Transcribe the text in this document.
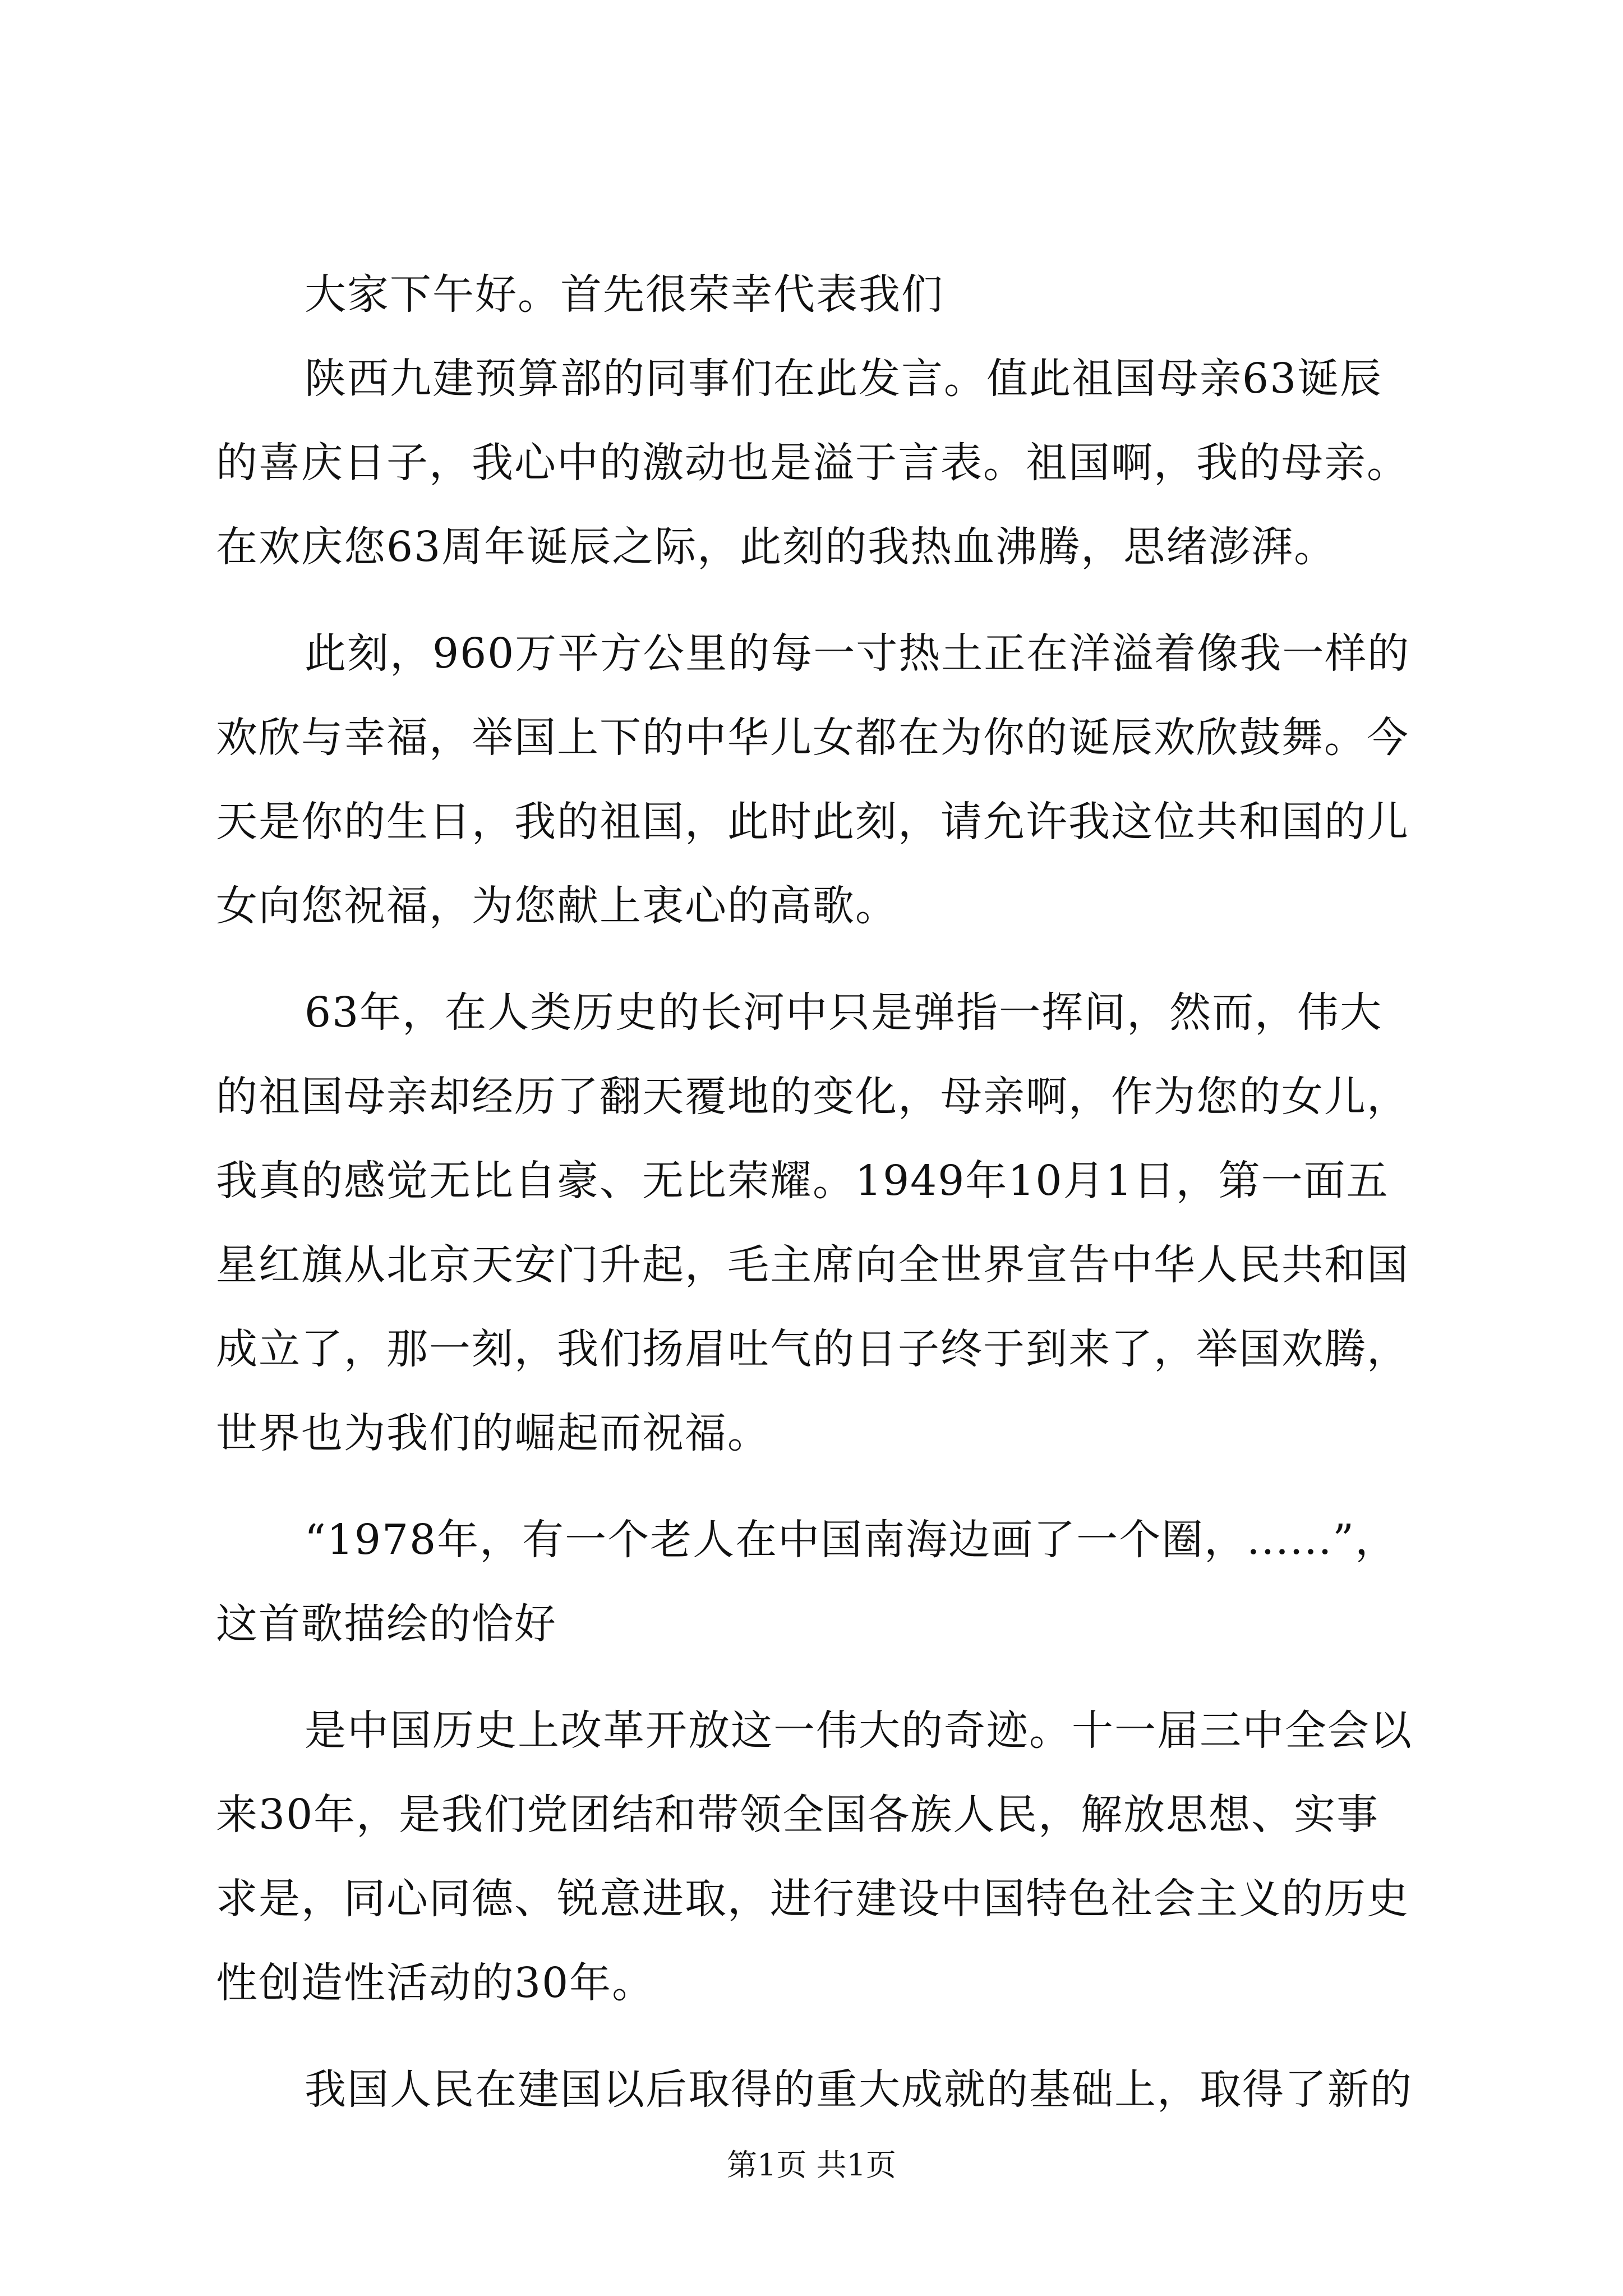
大家下午好。首先很荣幸代表我们
陕西九建预算部的同事们在此发言。值此祖国母亲63诞辰
的喜庆日子，我心中的激动也是溢于言表。祖国啊，我的母亲。
在欢庆您63周年诞辰之际，此刻的我热血沸腾，思绪澎湃。
此刻，960万平方公里的每一寸热土正在洋溢着像我一样的
欢欣与幸福，举国上下的中华儿女都在为你的诞辰欢欣鼓舞。今
天是你的生日，我的祖国，此时此刻，请允许我这位共和国的儿
女向您祝福，为您献上衷心的高歌。
63年，在人类历史的长河中只是弹指一挥间，然而，伟大
的祖国母亲却经历了翻天覆地的变化，母亲啊，作为您的女儿，
我真的感觉无比自豪、无比荣耀。1949年10月1日，第一面五
星红旗从北京天安门升起，毛主席向全世界宣告中华人民共和国
成立了，那一刻，我们扬眉吐气的日子终于到来了，举国欢腾，
世界也为我们的崛起而祝福。
“1978年，有一个老人在中国南海边画了一个圈，......”，
这首歌描绘的恰好
是中国历史上改革开放这一伟大的奇迹。十一届三中全会以
来30年，是我们党团结和带领全国各族人民，解放思想、实事
求是，同心同德、锐意进取，进行建设中国特色社会主义的历史
性创造性活动的30年。
我国人民在建国以后取得的重大成就的基础上，取得了新的
第1页 共1页
